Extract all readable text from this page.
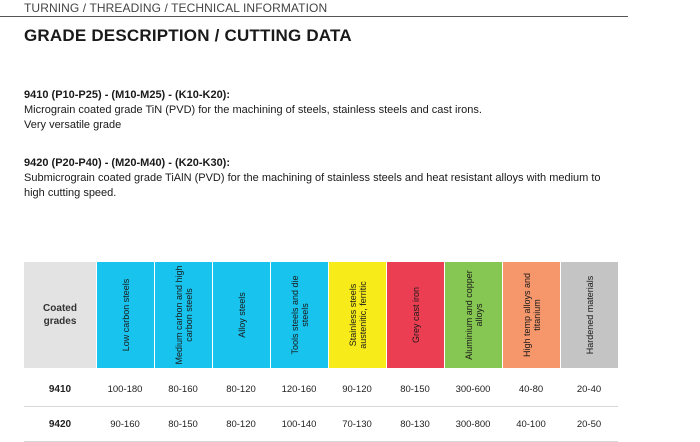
TURNING / THREADING / TECHNICAL INFORMATION
GRADE DESCRIPTION / CUTTING DATA
9410 (P10-P25) - (M10-M25) - (K10-K20):
Micrograin coated grade TiN (PVD) for the machining of steels, stainless steels and cast irons.
Very versatile grade
9420 (P20-P40) - (M20-M40) - (K20-K30):
Submicrograin coated grade TiAlN (PVD) for the machining of stainless steels and heat resistant alloys with medium to
high cutting speed.
Coated
grades	Low carbon steels	Medium carbon and high carbon steels	Alloy steels	Tools steels and die steels	Stainless steels austenitic, ferritic	Grey cast iron	Aluminium and copper alloys	High temp alloys and titanium	Hardened materials

9410	100-180	80-160	80-120	120-160	90-120	80-150	300-600	40-80	20-40
9420	90-160	80-150	80-120	100-140	70-130	80-130	300-800	40-100	20-50
